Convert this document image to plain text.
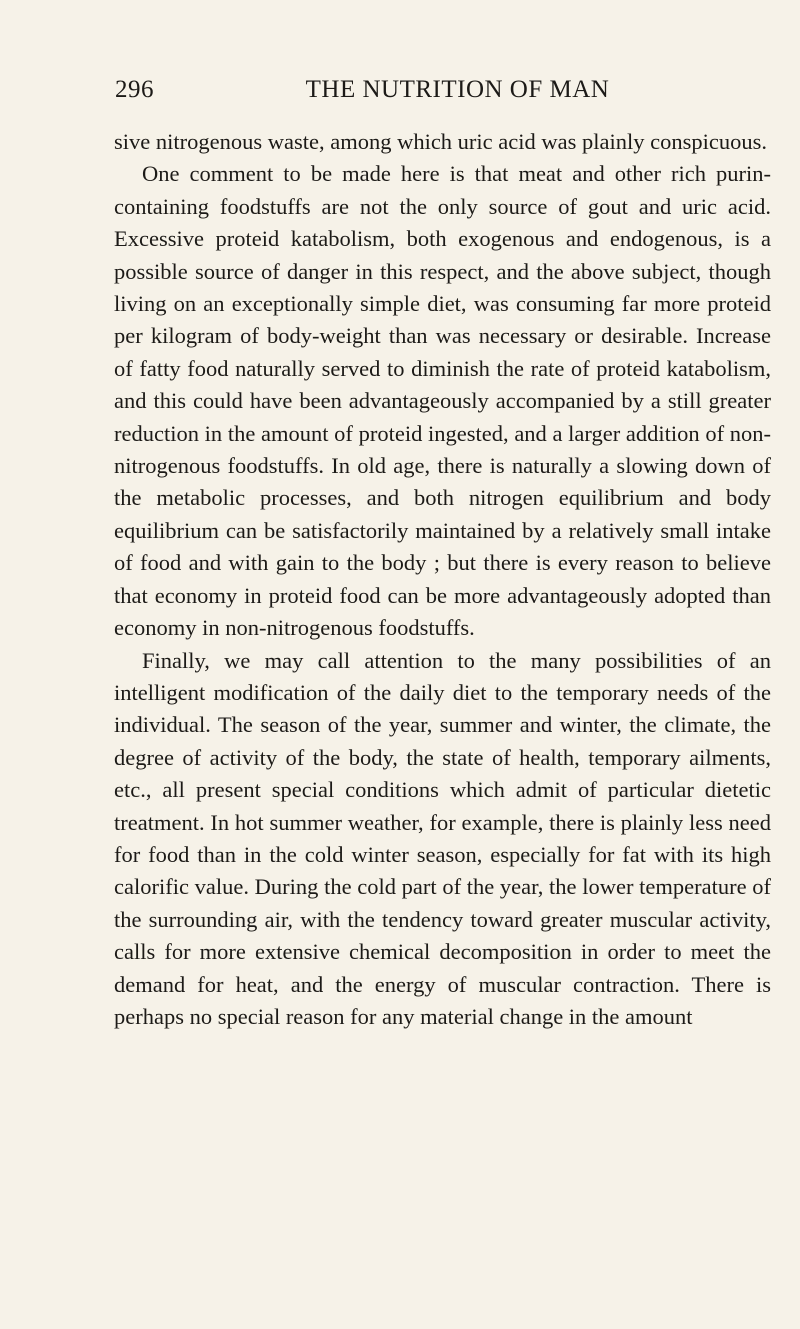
296	THE NUTRITION OF MAN

sive nitrogenous waste, among which uric acid was plainly conspicuous.

One comment to be made here is that meat and other rich purin-containing foodstuffs are not the only source of gout and uric acid. Excessive proteid katabolism, both exogenous and endogenous, is a possible source of danger in this respect, and the above subject, though living on an exceptionally simple diet, was consuming far more proteid per kilogram of body-weight than was necessary or desirable. Increase of fatty food naturally served to diminish the rate of proteid katabolism, and this could have been advantageously accompanied by a still greater reduction in the amount of proteid ingested, and a larger addition of non-nitrogenous foodstuffs. In old age, there is naturally a slowing down of the metabolic processes, and both nitrogen equilibrium and body equilibrium can be satisfactorily maintained by a relatively small intake of food and with gain to the body ; but there is every reason to believe that economy in proteid food can be more advantageously adopted than economy in non-nitrogenous foodstuffs.

Finally, we may call attention to the many possibilities of an intelligent modification of the daily diet to the temporary needs of the individual. The season of the year, summer and winter, the climate, the degree of activity of the body, the state of health, temporary ailments, etc., all present special conditions which admit of particular dietetic treatment. In hot summer weather, for example, there is plainly less need for food than in the cold winter season, especially for fat with its high calorific value. During the cold part of the year, the lower temperature of the surrounding air, with the tendency toward greater muscular activity, calls for more extensive chemical decomposition in order to meet the demand for heat, and the energy of muscular contraction. There is perhaps no special reason for any material change in the amount
